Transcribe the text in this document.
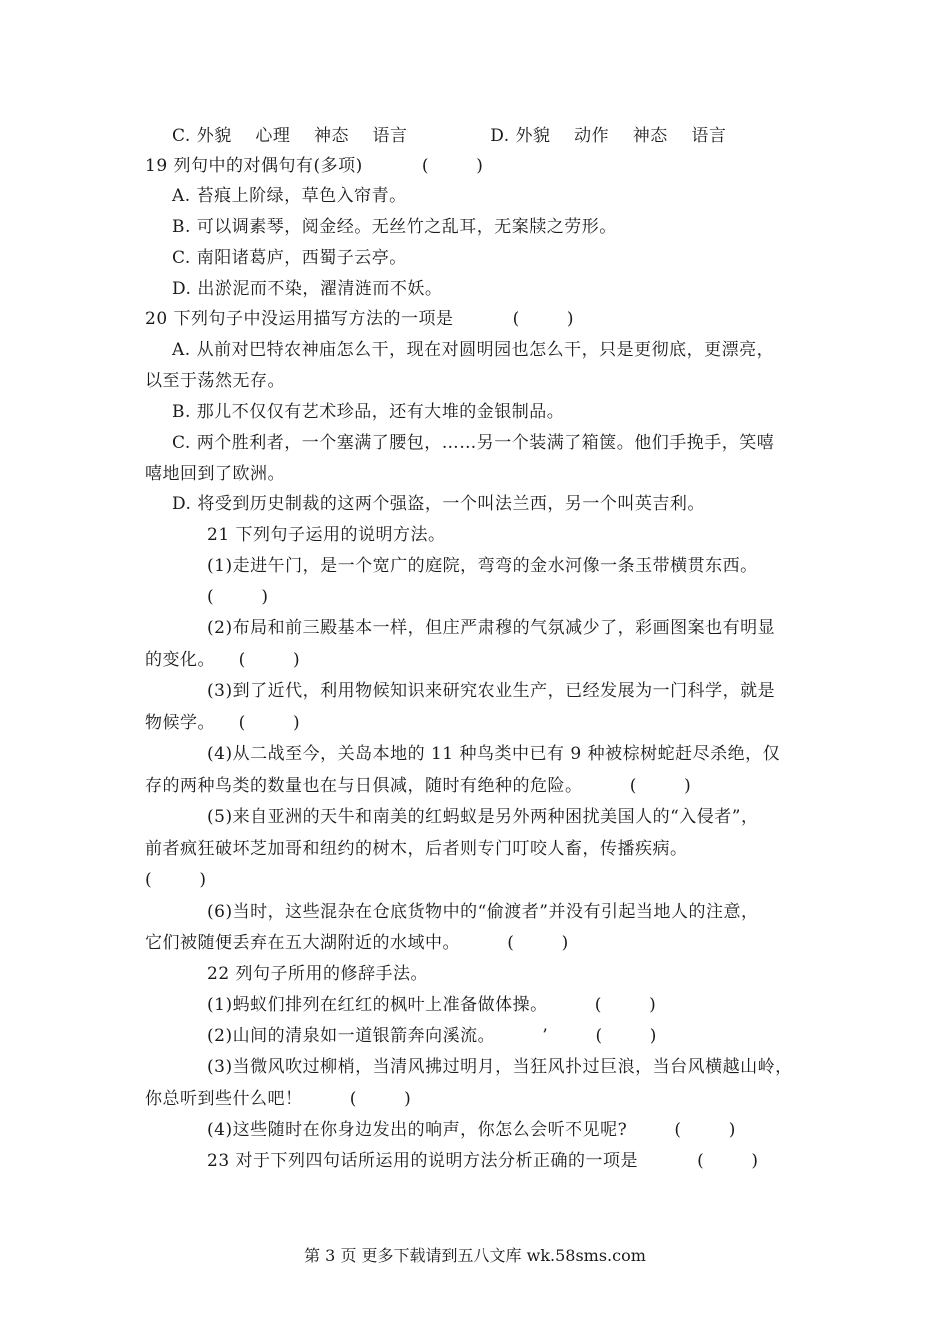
C. 外貌    心理    神态    语言              D. 外貌    动作    神态    语言
19 列句中的对偶句有(多项)          (        )
A. 苔痕上阶绿，草色入帘青。
B. 可以调素琴，阅金经。无丝竹之乱耳，无案牍之劳形。
C. 南阳诸葛庐，西蜀子云亭。
D. 出淤泥而不染，濯清涟而不妖。
20 下列句子中没运用描写方法的一项是          (        )
A. 从前对巴特农神庙怎么干，现在对圆明园也怎么干，只是更彻底，更漂亮，
以至于荡然无存。
B. 那儿不仅仅有艺术珍品，还有大堆的金银制品。
C. 两个胜利者，一个塞满了腰包，……另一个装满了箱箧。他们手挽手，笑嘻
嘻地回到了欧洲。
D. 将受到历史制裁的这两个强盗，一个叫法兰西，另一个叫英吉利。
21 下列句子运用的说明方法。
(1)走进午门，是一个宽广的庭院，弯弯的金水河像一条玉带横贯东西。
(        )
(2)布局和前三殿基本一样，但庄严肃穆的气氛减少了，彩画图案也有明显
的变化。    (        )
(3)到了近代，利用物候知识来研究农业生产，已经发展为一门科学，就是
物候学。    (        )
(4)从二战至今，关岛本地的 11 种鸟类中已有 9 种被棕树蛇赶尽杀绝，仅
存的两种鸟类的数量也在与日俱减，随时有绝种的危险。        (        )
(5)来自亚洲的天牛和南美的红蚂蚁是另外两种困扰美国人的“入侵者”，
前者疯狂破坏芝加哥和纽约的树木，后者则专门叮咬人畜，传播疾病。
(        )
(6)当时，这些混杂在仓底货物中的“偷渡者”并没有引起当地人的注意，
它们被随便丢弃在五大湖附近的水域中。        (        )
22 列句子所用的修辞手法。
(1)蚂蚁们排列在红红的枫叶上准备做体操。        (        )
(2)山间的清泉如一道银箭奔向溪流。        ’        (        )
(3)当微风吹过柳梢，当清风拂过明月，当狂风扑过巨浪，当台风横越山岭，
你总听到些什么吧！        (        )
(4)这些随时在你身边发出的响声，你怎么会听不见呢?        (        )
23 对于下列四句话所运用的说明方法分析正确的一项是          (        )
第 3 页 更多下载请到五八文库 wk.58sms.com
